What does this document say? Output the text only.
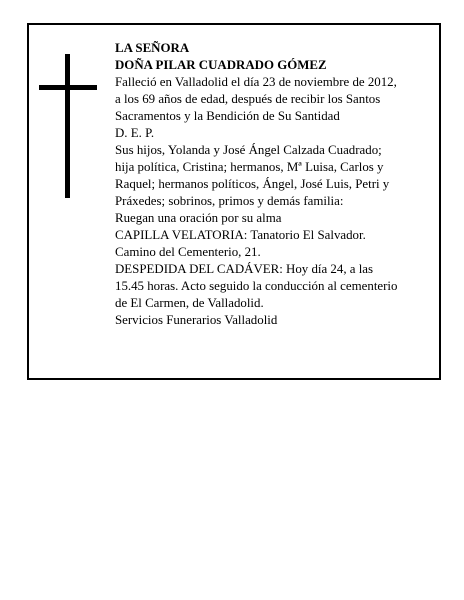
LA SEÑORA
DOÑA PILAR CUADRADO GÓMEZ
Falleció en Valladolid el día 23 de noviembre de 2012,
a los 69 años de edad, después de recibir los Santos
Sacramentos y la Bendición de Su Santidad
D. E. P.
Sus hijos, Yolanda y José Ángel Calzada Cuadrado;
hija política, Cristina; hermanos, Mª Luisa, Carlos y
Raquel; hermanos políticos, Ángel, José Luis, Petri y
Práxedes; sobrinos, primos y demás familia:
Ruegan una oración por su alma
CAPILLA VELATORIA: Tanatorio El Salvador.
Camino del Cementerio, 21.
DESPEDIDA DEL CADÁVER: Hoy día 24, a las
15.45 horas. Acto seguido la conducción al cementerio
de El Carmen, de Valladolid.
Servicios Funerarios Valladolid
